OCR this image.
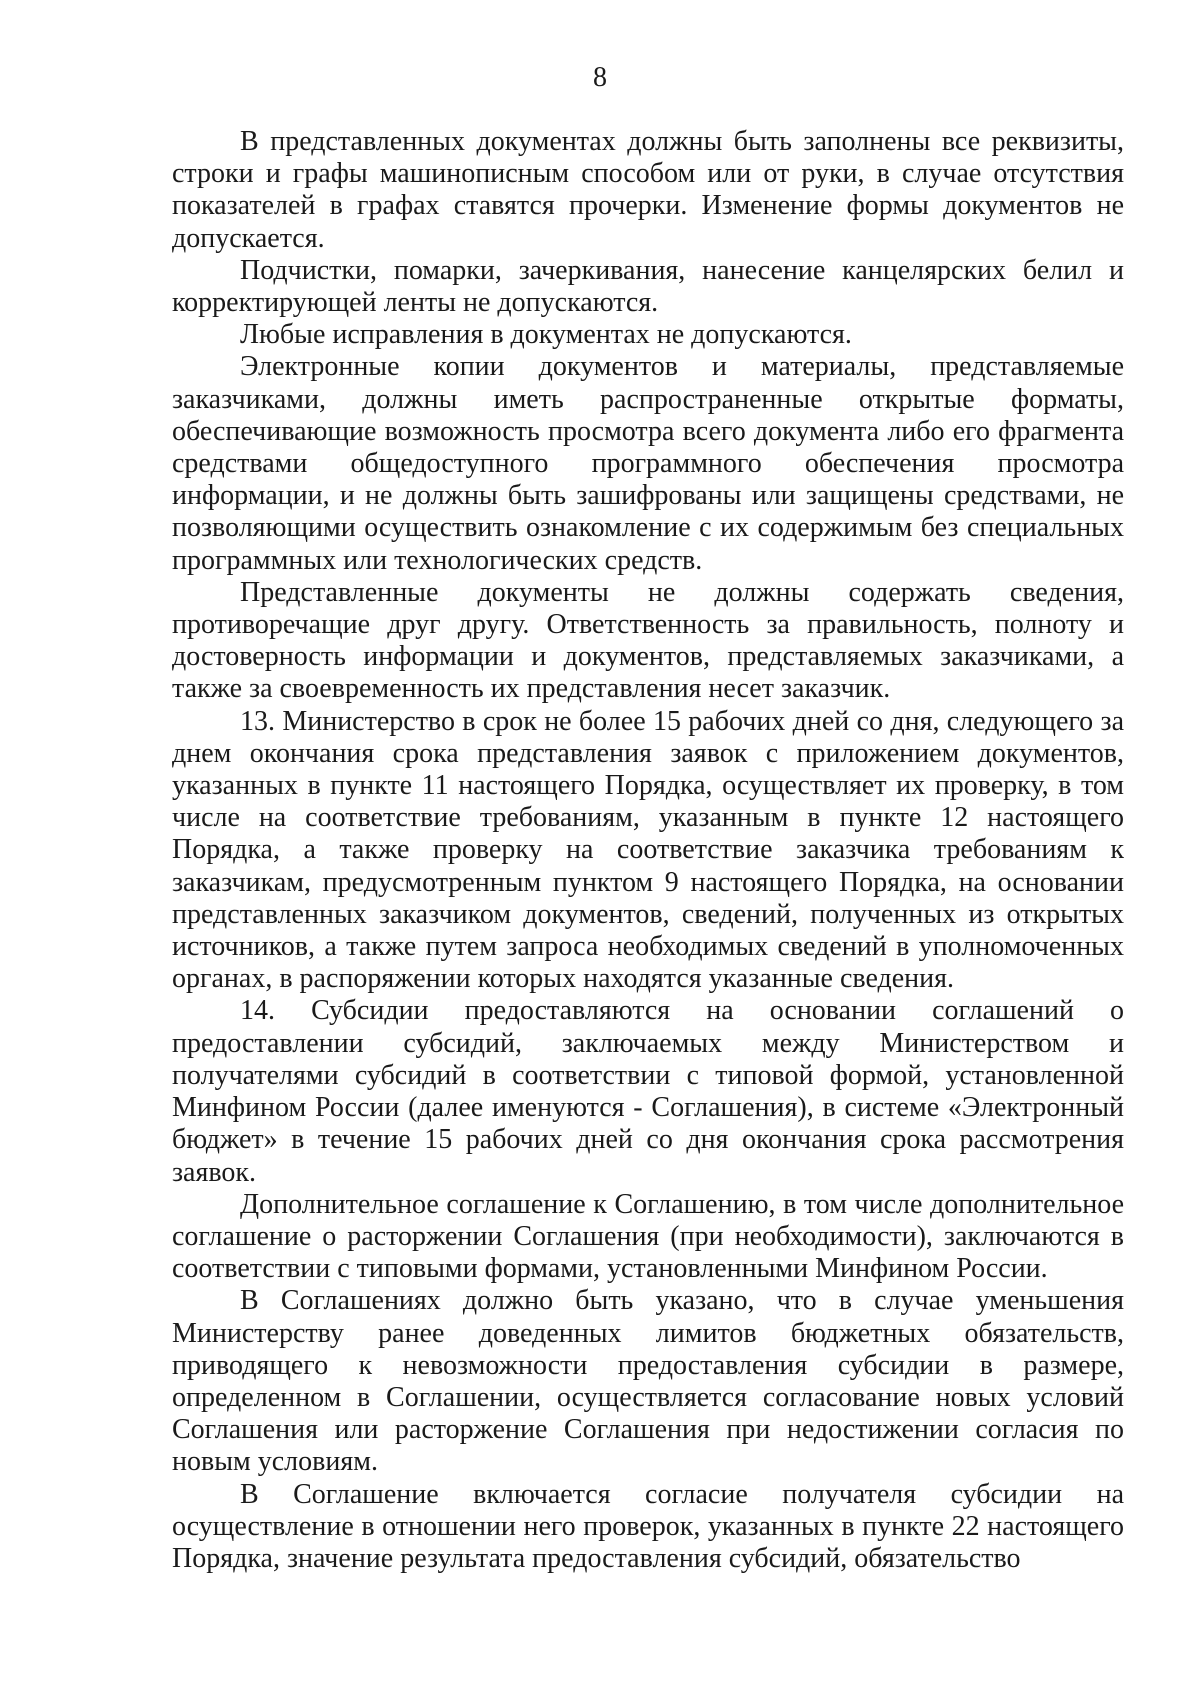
8

В представленных документах должны быть заполнены все реквизиты, строки и графы машинописным способом или от руки, в случае отсутствия показателей в графах ставятся прочерки. Изменение формы документов не допускается.

Подчистки, помарки, зачеркивания, нанесение канцелярских белил и корректирующей ленты не допускаются.

Любые исправления в документах не допускаются.

Электронные копии документов и материалы, представляемые заказчиками, должны иметь распространенные открытые форматы, обеспечивающие возможность просмотра всего документа либо его фрагмента средствами общедоступного программного обеспечения просмотра информации, и не должны быть зашифрованы или защищены средствами, не позволяющими осуществить ознакомление с их содержимым без специальных программных или технологических средств.

Представленные документы не должны содержать сведения, противоречащие друг другу. Ответственность за правильность, полноту и достоверность информации и документов, представляемых заказчиками, а также за своевременность их представления несет заказчик.

13. Министерство в срок не более 15 рабочих дней со дня, следующего за днем окончания срока представления заявок с приложением документов, указанных в пункте 11 настоящего Порядка, осуществляет их проверку, в том числе на соответствие требованиям, указанным в пункте 12 настоящего Порядка, а также проверку на соответствие заказчика требованиям к заказчикам, предусмотренным пунктом 9 настоящего Порядка, на основании представленных заказчиком документов, сведений, полученных из открытых источников, а также путем запроса необходимых сведений в уполномоченных органах, в распоряжении которых находятся указанные сведения.

14. Субсидии предоставляются на основании соглашений о предоставлении субсидий, заключаемых между Министерством и получателями субсидий в соответствии с типовой формой, установленной Минфином России (далее именуются - Соглашения), в системе «Электронный бюджет» в течение 15 рабочих дней со дня окончания срока рассмотрения заявок.

Дополнительное соглашение к Соглашению, в том числе дополнительное соглашение о расторжении Соглашения (при необходимости), заключаются в соответствии с типовыми формами, установленными Минфином России.

В Соглашениях должно быть указано, что в случае уменьшения Министерству ранее доведенных лимитов бюджетных обязательств, приводящего к невозможности предоставления субсидии в размере, определенном в Соглашении, осуществляется согласование новых условий Соглашения или расторжение Соглашения при недостижении согласия по новым условиям.

В Соглашение включается согласие получателя субсидии на осуществление в отношении него проверок, указанных в пункте 22 настоящего Порядка, значение результата предоставления субсидий, обязательство
